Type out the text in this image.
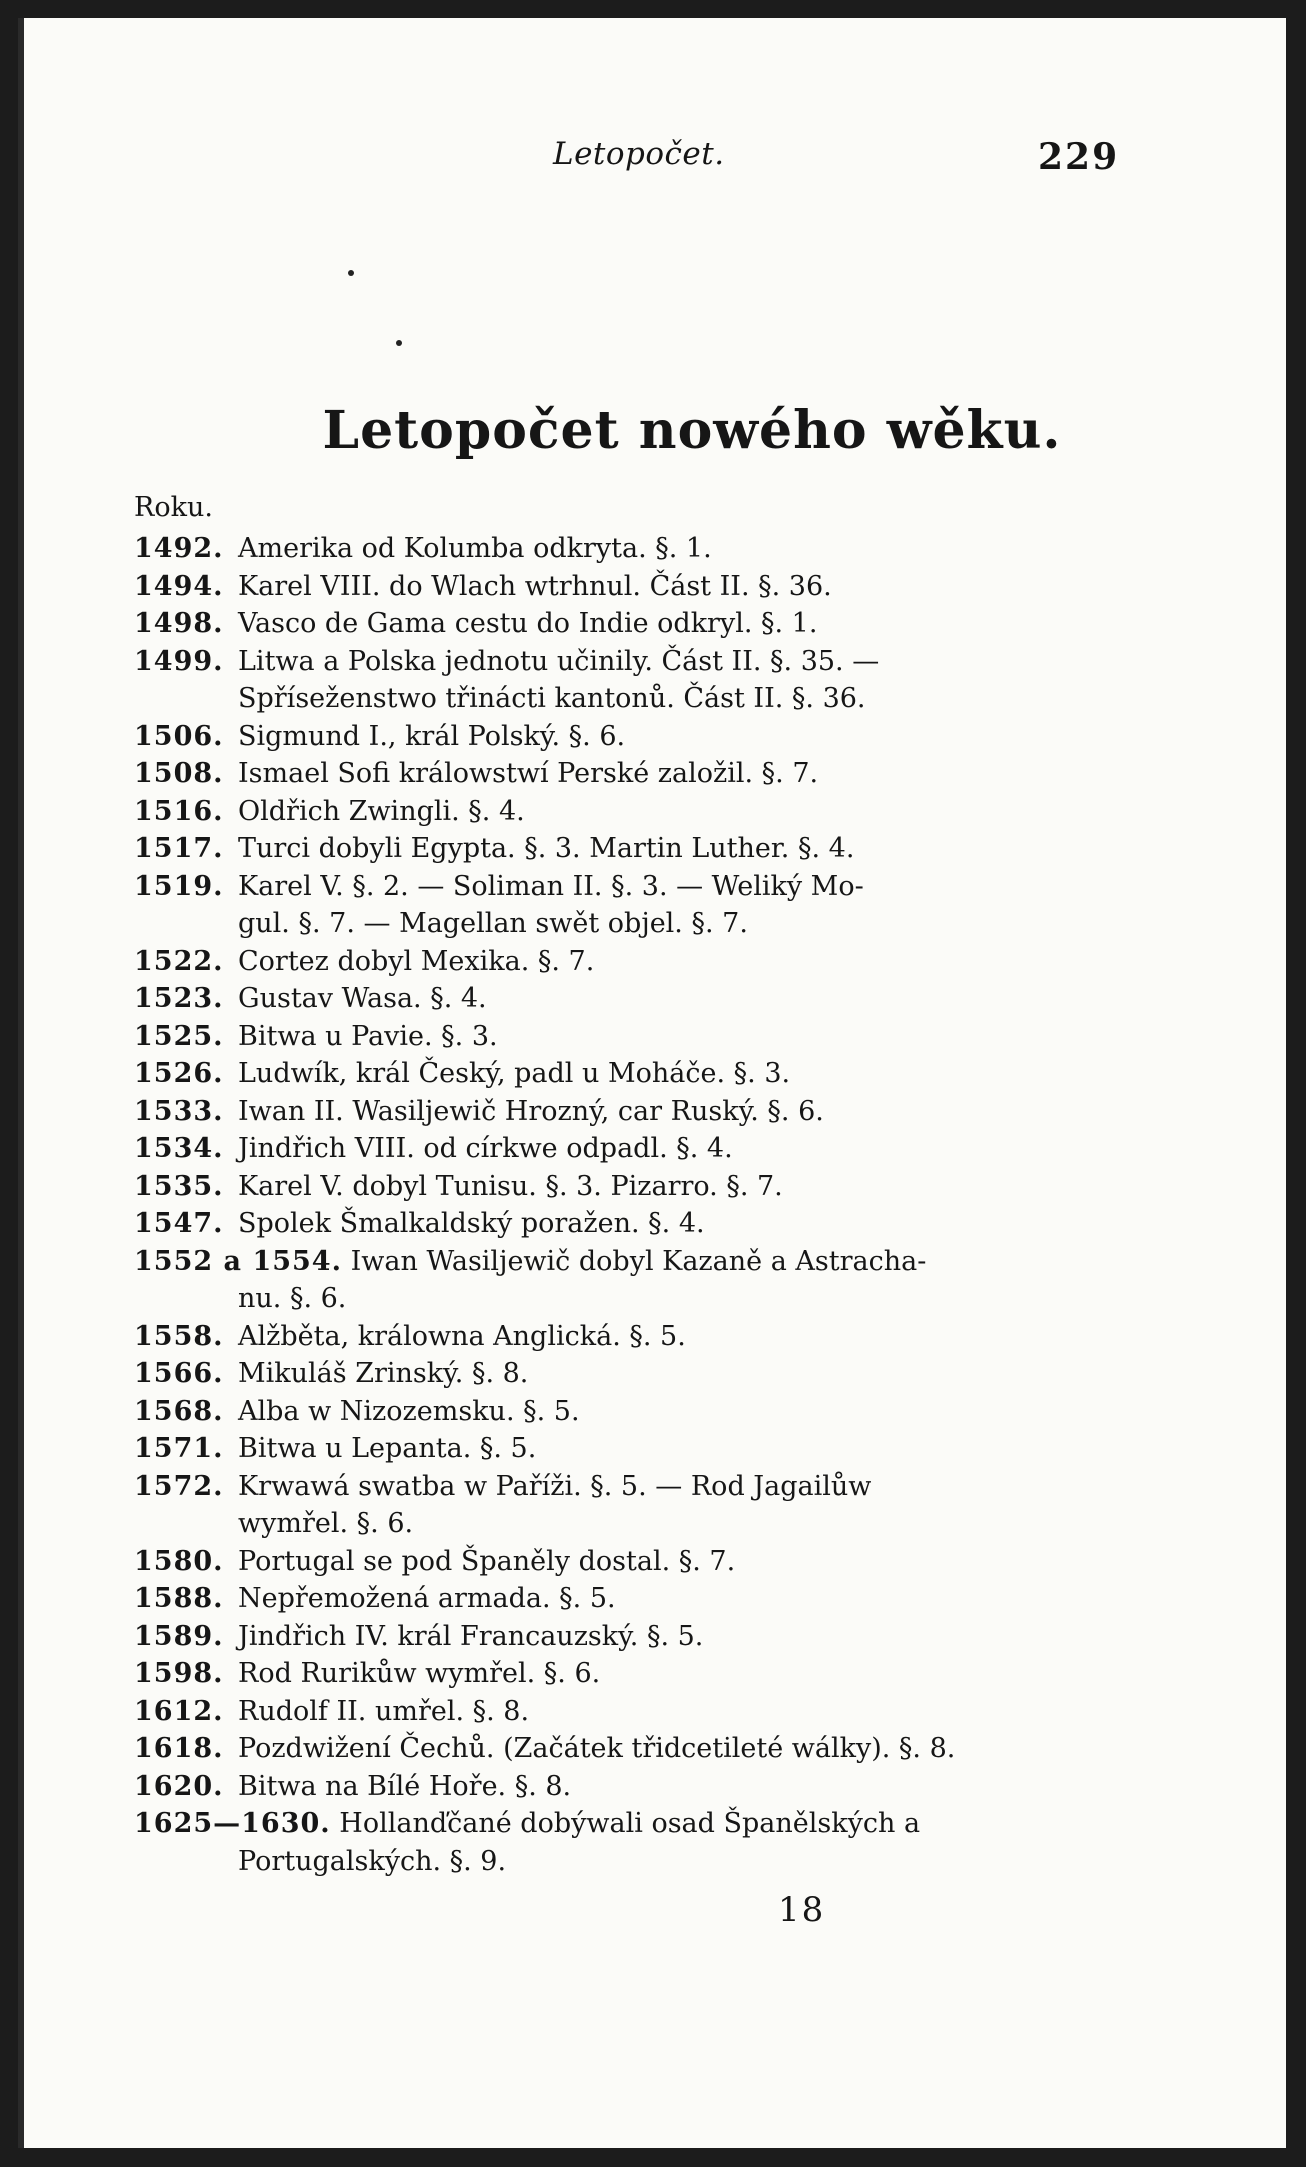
Letopočet.	229
Letopočet nowého wěku.
Roku.
1492. Amerika od Kolumba odkryta. §. 1.
1494. Karel VIII. do Wlach wtrhnul. Část II. §. 36.
1498. Vasco de Gama cestu do Indie odkryl. §. 1.
1499. Litwa a Polska jednotu učinily. Část II. §. 35. —
Spříseženstwo třinácti kantonů. Část II. §. 36.
1506. Sigmund I., král Polský. §. 6.
1508. Ismael Sofi králowstwí Perské založil. §. 7.
1516. Oldřich Zwingli. §. 4.
1517. Turci dobyli Egypta. §. 3. Martin Luther. §. 4.
1519. Karel V. §. 2. — Soliman II. §. 3. — Weliký Mo-
gul. §. 7. — Magellan swět objel. §. 7.
1522. Cortez dobyl Mexika. §. 7.
1523. Gustav Wasa. §. 4.
1525. Bitwa u Pavie. §. 3.
1526. Ludwík, král Český, padl u Moháče. §. 3.
1533. Iwan II. Wasiljewič Hrozný, car Ruský. §. 6.
1534. Jindřich VIII. od církwe odpadl. §. 4.
1535. Karel V. dobyl Tunisu. §. 3. Pizarro. §. 7.
1547. Spolek Šmalkaldský poražen. §. 4.
1552 a 1554. Iwan Wasiljewič dobyl Kazaně a Astracha-
nu. §. 6.
1558. Alžběta, králowna Anglická. §. 5.
1566. Mikuláš Zrinský. §. 8.
1568. Alba w Nizozemsku. §. 5.
1571. Bitwa u Lepanta. §. 5.
1572. Krwawá swatba w Paříži. §. 5. — Rod Jagailůw
wymřel. §. 6.
1580. Portugal se pod Španěly dostal. §. 7.
1588. Nepřemožená armada. §. 5.
1589. Jindřich IV. král Francauzský. §. 5.
1598. Rod Rurikůw wymřel. §. 6.
1612. Rudolf II. umřel. §. 8.
1618. Pozdwižení Čechů. (Začátek třidcetileté wálky). §. 8.
1620. Bitwa na Bílé Hoře. §. 8.
1625—1630. Hollanďčané dobýwali osad Španělských a
Portugalských. §. 9.
18
